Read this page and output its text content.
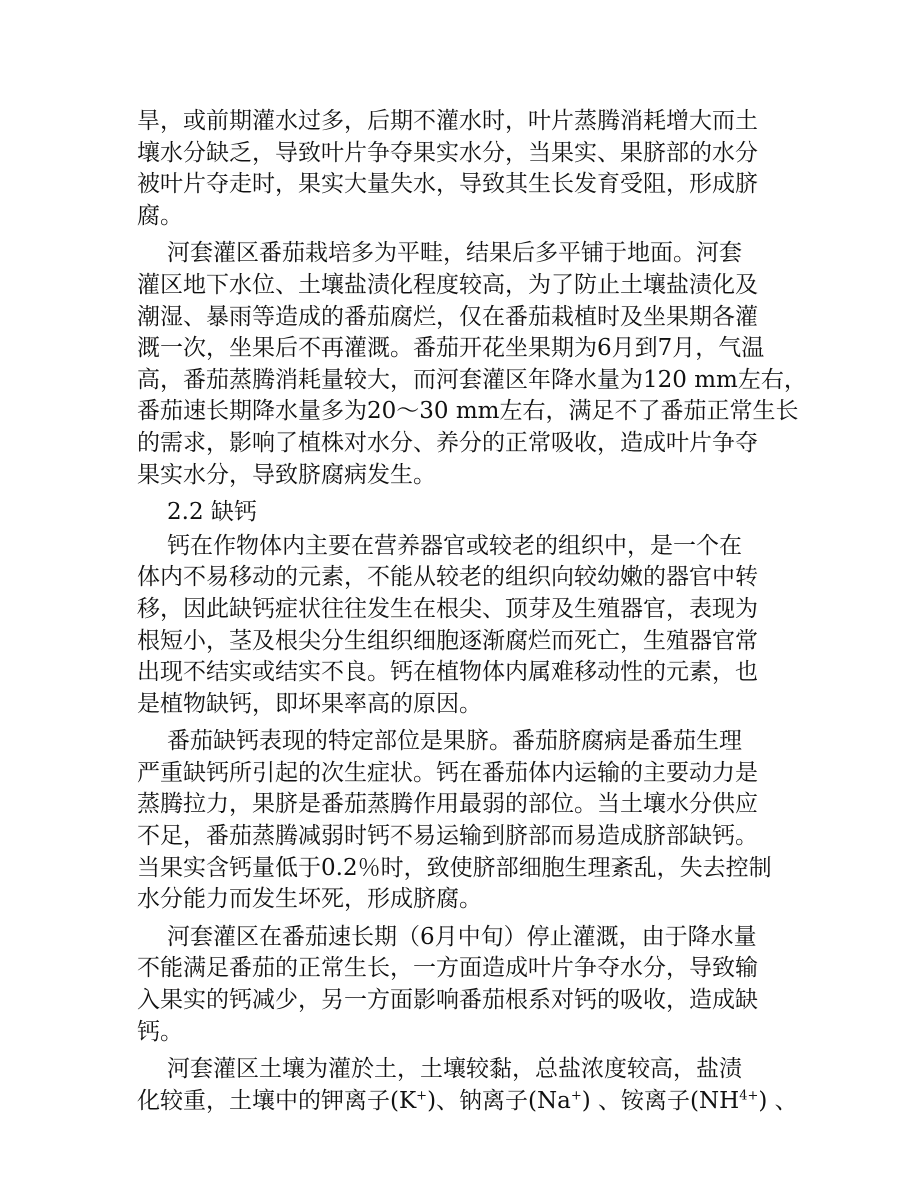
旱，或前期灌水过多，后期不灌水时，叶片蒸腾消耗增大而土
壤水分缺乏，导致叶片争夺果实水分，当果实、果脐部的水分
被叶片夺走时，果实大量失水，导致其生长发育受阻，形成脐
腐。

河套灌区番茄栽培多为平畦，结果后多平铺于地面。河套
灌区地下水位、土壤盐渍化程度较高，为了防止土壤盐渍化及
潮湿、暴雨等造成的番茄腐烂，仅在番茄栽植时及坐果期各灌
溉一次，坐果后不再灌溉。番茄开花坐果期为6月到7月，气温
高，番茄蒸腾消耗量较大，而河套灌区年降水量为120 mm左右，
番茄速长期降水量多为20～30 mm左右，满足不了番茄正常生长
的需求，影响了植株对水分、养分的正常吸收，造成叶片争夺
果实水分，导致脐腐病发生。

2.2 缺钙

钙在作物体内主要在营养器官或较老的组织中，是一个在
体内不易移动的元素，不能从较老的组织向较幼嫩的器官中转
移，因此缺钙症状往往发生在根尖、顶芽及生殖器官，表现为
根短小，茎及根尖分生组织细胞逐渐腐烂而死亡，生殖器官常
出现不结实或结实不良。钙在植物体内属难移动性的元素，也
是植物缺钙，即坏果率高的原因。

番茄缺钙表现的特定部位是果脐。番茄脐腐病是番茄生理
严重缺钙所引起的次生症状。钙在番茄体内运输的主要动力是
蒸腾拉力，果脐是番茄蒸腾作用最弱的部位。当土壤水分供应
不足，番茄蒸腾减弱时钙不易运输到脐部而易造成脐部缺钙。
当果实含钙量低于0.2％时，致使脐部细胞生理紊乱，失去控制
水分能力而发生坏死，形成脐腐。

河套灌区在番茄速长期（6月中旬）停止灌溉，由于降水量
不能满足番茄的正常生长，一方面造成叶片争夺水分，导致输
入果实的钙减少，另一方面影响番茄根系对钙的吸收，造成缺
钙。

河套灌区土壤为灌於土，土壤较黏，总盐浓度较高，盐渍
化较重，土壤中的钾离子(K+)、钠离子(Na+) 、铵离子$(NH^{4+})$ 、
